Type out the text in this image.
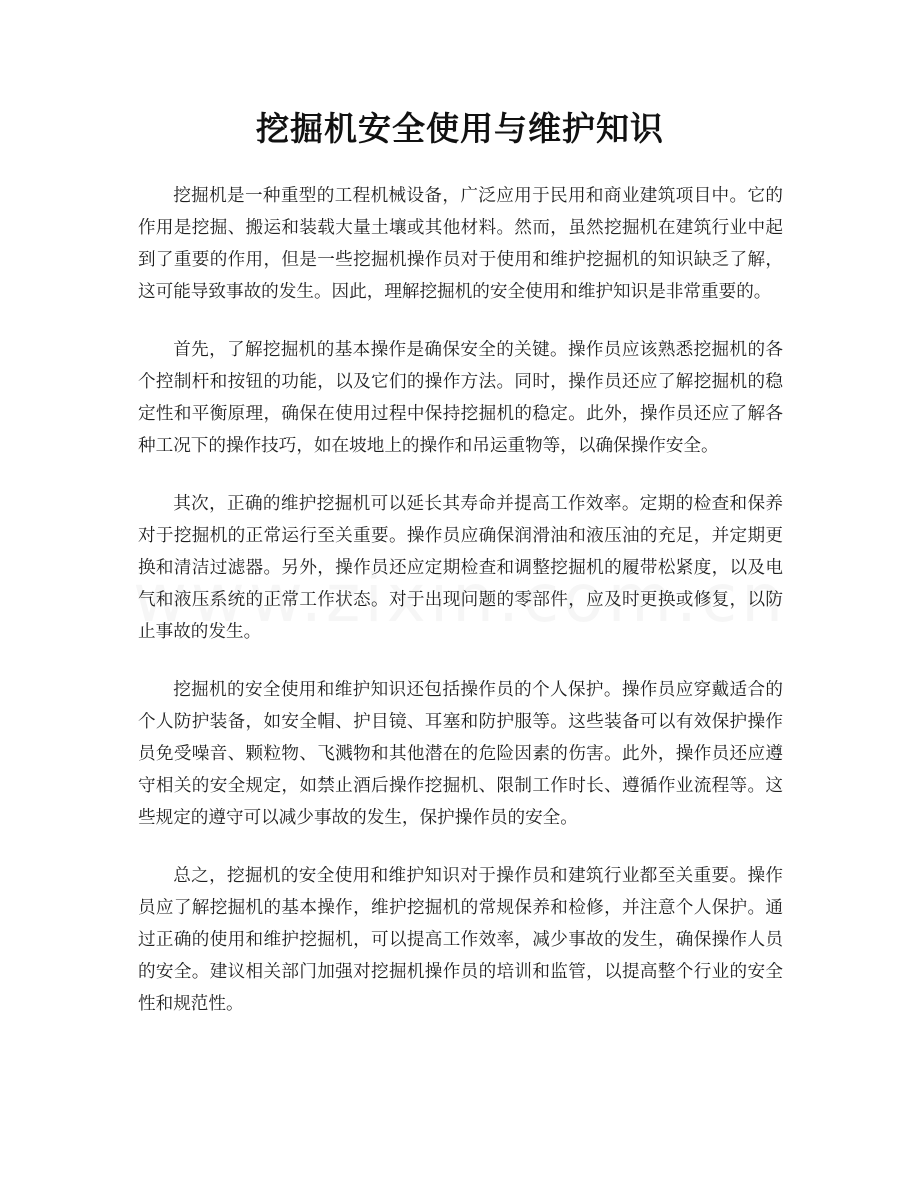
挖掘机安全使用与维护知识

挖掘机是一种重型的工程机械设备，广泛应用于民用和商业建筑项目中。它的作用是挖掘、搬运和装载大量土壤或其他材料。然而，虽然挖掘机在建筑行业中起到了重要的作用，但是一些挖掘机操作员对于使用和维护挖掘机的知识缺乏了解，这可能导致事故的发生。因此，理解挖掘机的安全使用和维护知识是非常重要的。

首先，了解挖掘机的基本操作是确保安全的关键。操作员应该熟悉挖掘机的各个控制杆和按钮的功能，以及它们的操作方法。同时，操作员还应了解挖掘机的稳定性和平衡原理，确保在使用过程中保持挖掘机的稳定。此外，操作员还应了解各种工况下的操作技巧，如在坡地上的操作和吊运重物等，以确保操作安全。

其次，正确的维护挖掘机可以延长其寿命并提高工作效率。定期的检查和保养对于挖掘机的正常运行至关重要。操作员应确保润滑油和液压油的充足，并定期更换和清洁过滤器。另外，操作员还应定期检查和调整挖掘机的履带松紧度，以及电气和液压系统的正常工作状态。对于出现问题的零部件，应及时更换或修复，以防止事故的发生。

挖掘机的安全使用和维护知识还包括操作员的个人保护。操作员应穿戴适合的个人防护装备，如安全帽、护目镜、耳塞和防护服等。这些装备可以有效保护操作员免受噪音、颗粒物、飞溅物和其他潜在的危险因素的伤害。此外，操作员还应遵守相关的安全规定，如禁止酒后操作挖掘机、限制工作时长、遵循作业流程等。这些规定的遵守可以减少事故的发生，保护操作员的安全。

总之，挖掘机的安全使用和维护知识对于操作员和建筑行业都至关重要。操作员应了解挖掘机的基本操作，维护挖掘机的常规保养和检修，并注意个人保护。通过正确的使用和维护挖掘机，可以提高工作效率，减少事故的发生，确保操作人员的安全。建议相关部门加强对挖掘机操作员的培训和监管，以提高整个行业的安全性和规范性。
